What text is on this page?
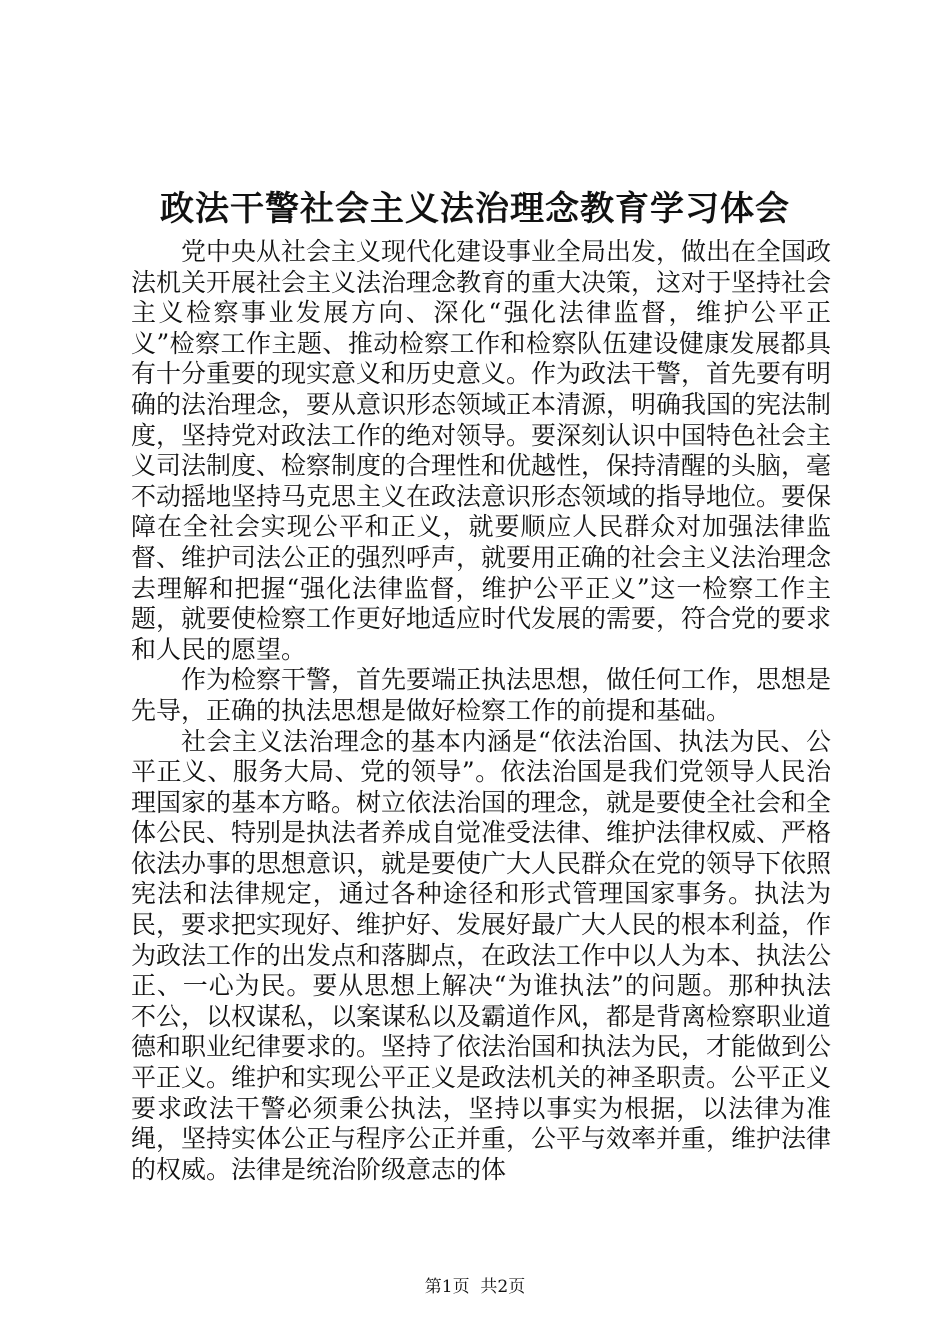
政法干警社会主义法治理念教育学习体会

党中央从社会主义现代化建设事业全局出发，做出在全国政法机关开展社会主义法治理念教育的重大决策，这对于坚持社会主义检察事业发展方向、深化“强化法律监督，维护公平正义”检察工作主题、推动检察工作和检察队伍建设健康发展都具有十分重要的现实意义和历史意义。作为政法干警，首先要有明确的法治理念，要从意识形态领域正本清源，明确我国的宪法制度，坚持党对政法工作的绝对领导。要深刻认识中国特色社会主义司法制度、检察制度的合理性和优越性，保持清醒的头脑，毫不动摇地坚持马克思主义在政法意识形态领域的指导地位。要保障在全社会实现公平和正义，就要顺应人民群众对加强法律监督、维护司法公正的强烈呼声，就要用正确的社会主义法治理念去理解和把握“强化法律监督，维护公平正义”这一检察工作主题，就要使检察工作更好地适应时代发展的需要，符合党的要求和人民的愿望。

作为检察干警，首先要端正执法思想，做任何工作，思想是先导，正确的执法思想是做好检察工作的前提和基础。

社会主义法治理念的基本内涵是“依法治国、执法为民、公平正义、服务大局、党的领导”。依法治国是我们党领导人民治理国家的基本方略。树立依法治国的理念，就是要使全社会和全体公民、特别是执法者养成自觉准受法律、维护法律权威、严格依法办事的思想意识，就是要使广大人民群众在党的领导下依照宪法和法律规定，通过各种途径和形式管理国家事务。执法为民，要求把实现好、维护好、发展好最广大人民的根本利益，作为政法工作的出发点和落脚点，在政法工作中以人为本、执法公正、一心为民。要从思想上解决“为谁执法”的问题。那种执法不公，以权谋私，以案谋私以及霸道作风，都是背离检察职业道德和职业纪律要求的。坚持了依法治国和执法为民，才能做到公平正义。维护和实现公平正义是政法机关的神圣职责。公平正义要求政法干警必须秉公执法，坚持以事实为根据，以法律为准绳，坚持实体公正与程序公正并重，公平与效率并重，维护法律的权威。法律是统治阶级意志的体

第1页 共2页
